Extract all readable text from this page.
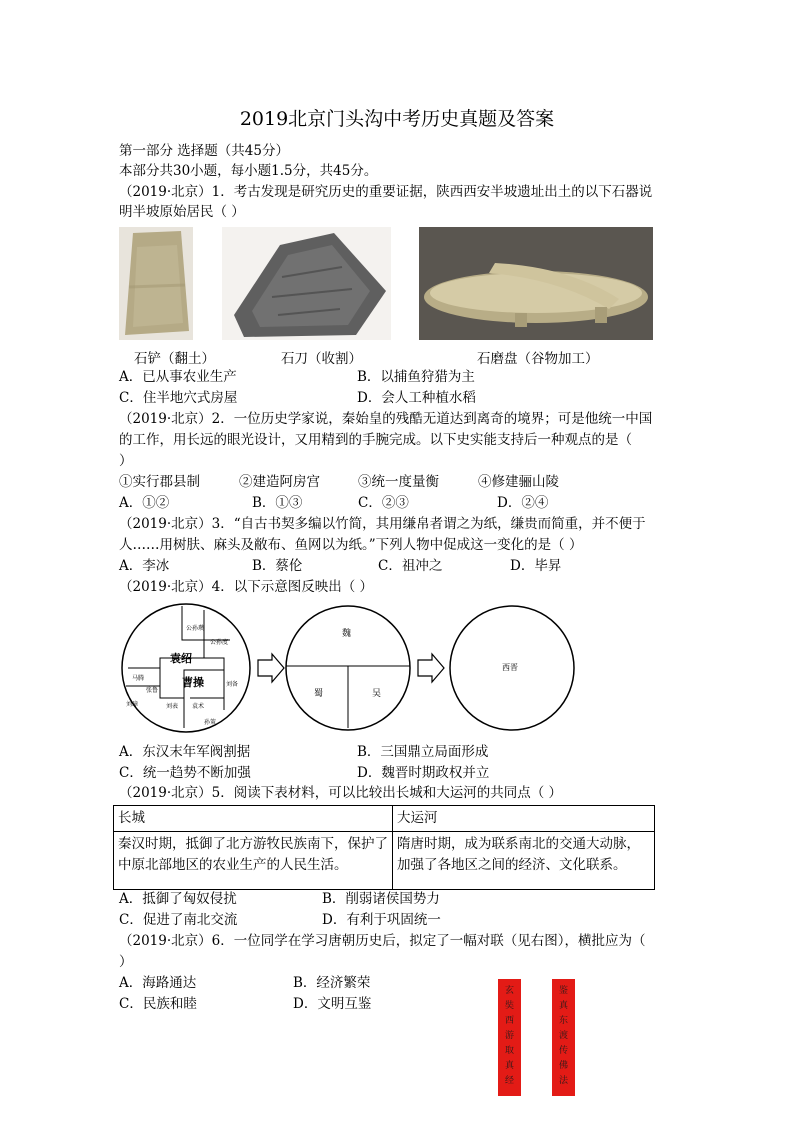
2019北京门头沟中考历史真题及答案
第一部分 选择题（共45分）
本部分共30小题，每小题1.5分，共45分。
（2019·北京）1．考古发现是研究历史的重要证据，陕西西安半坡遗址出土的以下石器说
明半坡原始居民（ ）
石铲（翻土）	石刀（收割）	石磨盘（谷物加工）
A．已从事农业生产	B．以捕鱼狩猎为主
C．住半地穴式房屋	D．会人工种植水稻
（2019·北京）2．一位历史学家说，秦始皇的残酷无道达到离奇的境界；可是他统一中国
的工作，用长远的眼光设计，又用精到的手腕完成。以下史实能支持后一种观点的是（
）
①实行郡县制	②建造阿房宫	③统一度量衡	④修建骊山陵
A．①②	B．①③	C．②③	D．②④
（2019·北京）3．“自古书契多编以竹简，其用缣帛者谓之为纸，缣贵而简重，并不便于
人……用树肤、麻头及敝布、鱼网以为纸。”下列人物中促成这一变化的是（ ）
A．李冰	B．蔡伦	C．祖冲之	D．毕昇
（2019·北京）4．以下示意图反映出（ ）
公孙瓒
公孙度
袁绍
马腾
张鲁
曹操	刘备
刘璋	刘表 袁术
孙策
魏
蜀	吴
西晋
A．东汉末年军阀割据	B．三国鼎立局面形成
C．统一趋势不断加强	D．魏晋时期政权并立
（2019·北京）5．阅读下表材料，可以比较出长城和大运河的共同点（ ）
长城	大运河
秦汉时期，抵御了北方游牧民族南下，保护了中原北部地区的农业生产的人民生活。	隋唐时期，成为联系南北的交通大动脉，加强了各地区之间的经济、文化联系。
A．抵御了匈奴侵扰	B．削弱诸侯国势力
C．促进了南北交流	D．有利于巩固统一
（2019·北京）6．一位同学在学习唐朝历史后，拟定了一幅对联（见右图），横批应为（
）
A．海路通达	B．经济繁荣
C．民族和睦	D．文明互鉴
玄
奘
西
游
取
真
经
鉴
真
东
渡
传
佛
法
